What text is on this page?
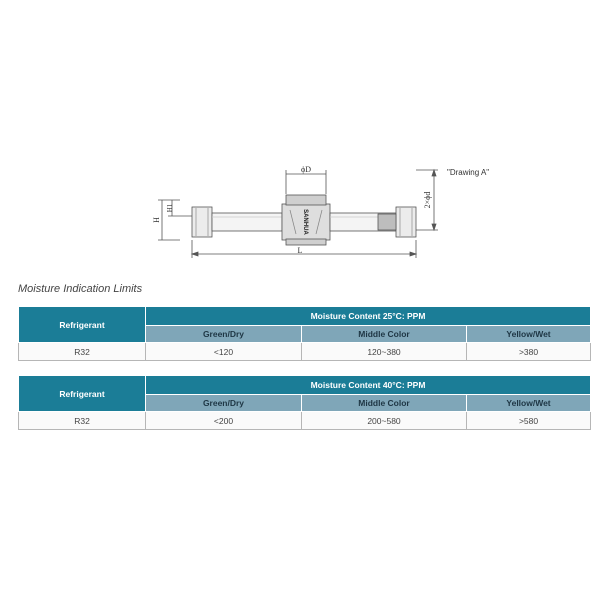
ϕD
SANHUA
L
2×ϕd
H
H1
"Drawing A"
Moisture Indication Limits
Refrigerant	Moisture Content 25°C: PPM		
	Green/Dry	Middle Color	Yellow/Wet
R32	<120	120~380	>380
Refrigerant	Moisture Content 40°C: PPM		
	Green/Dry	Middle Color	Yellow/Wet
R32	<200	200~580	>580
